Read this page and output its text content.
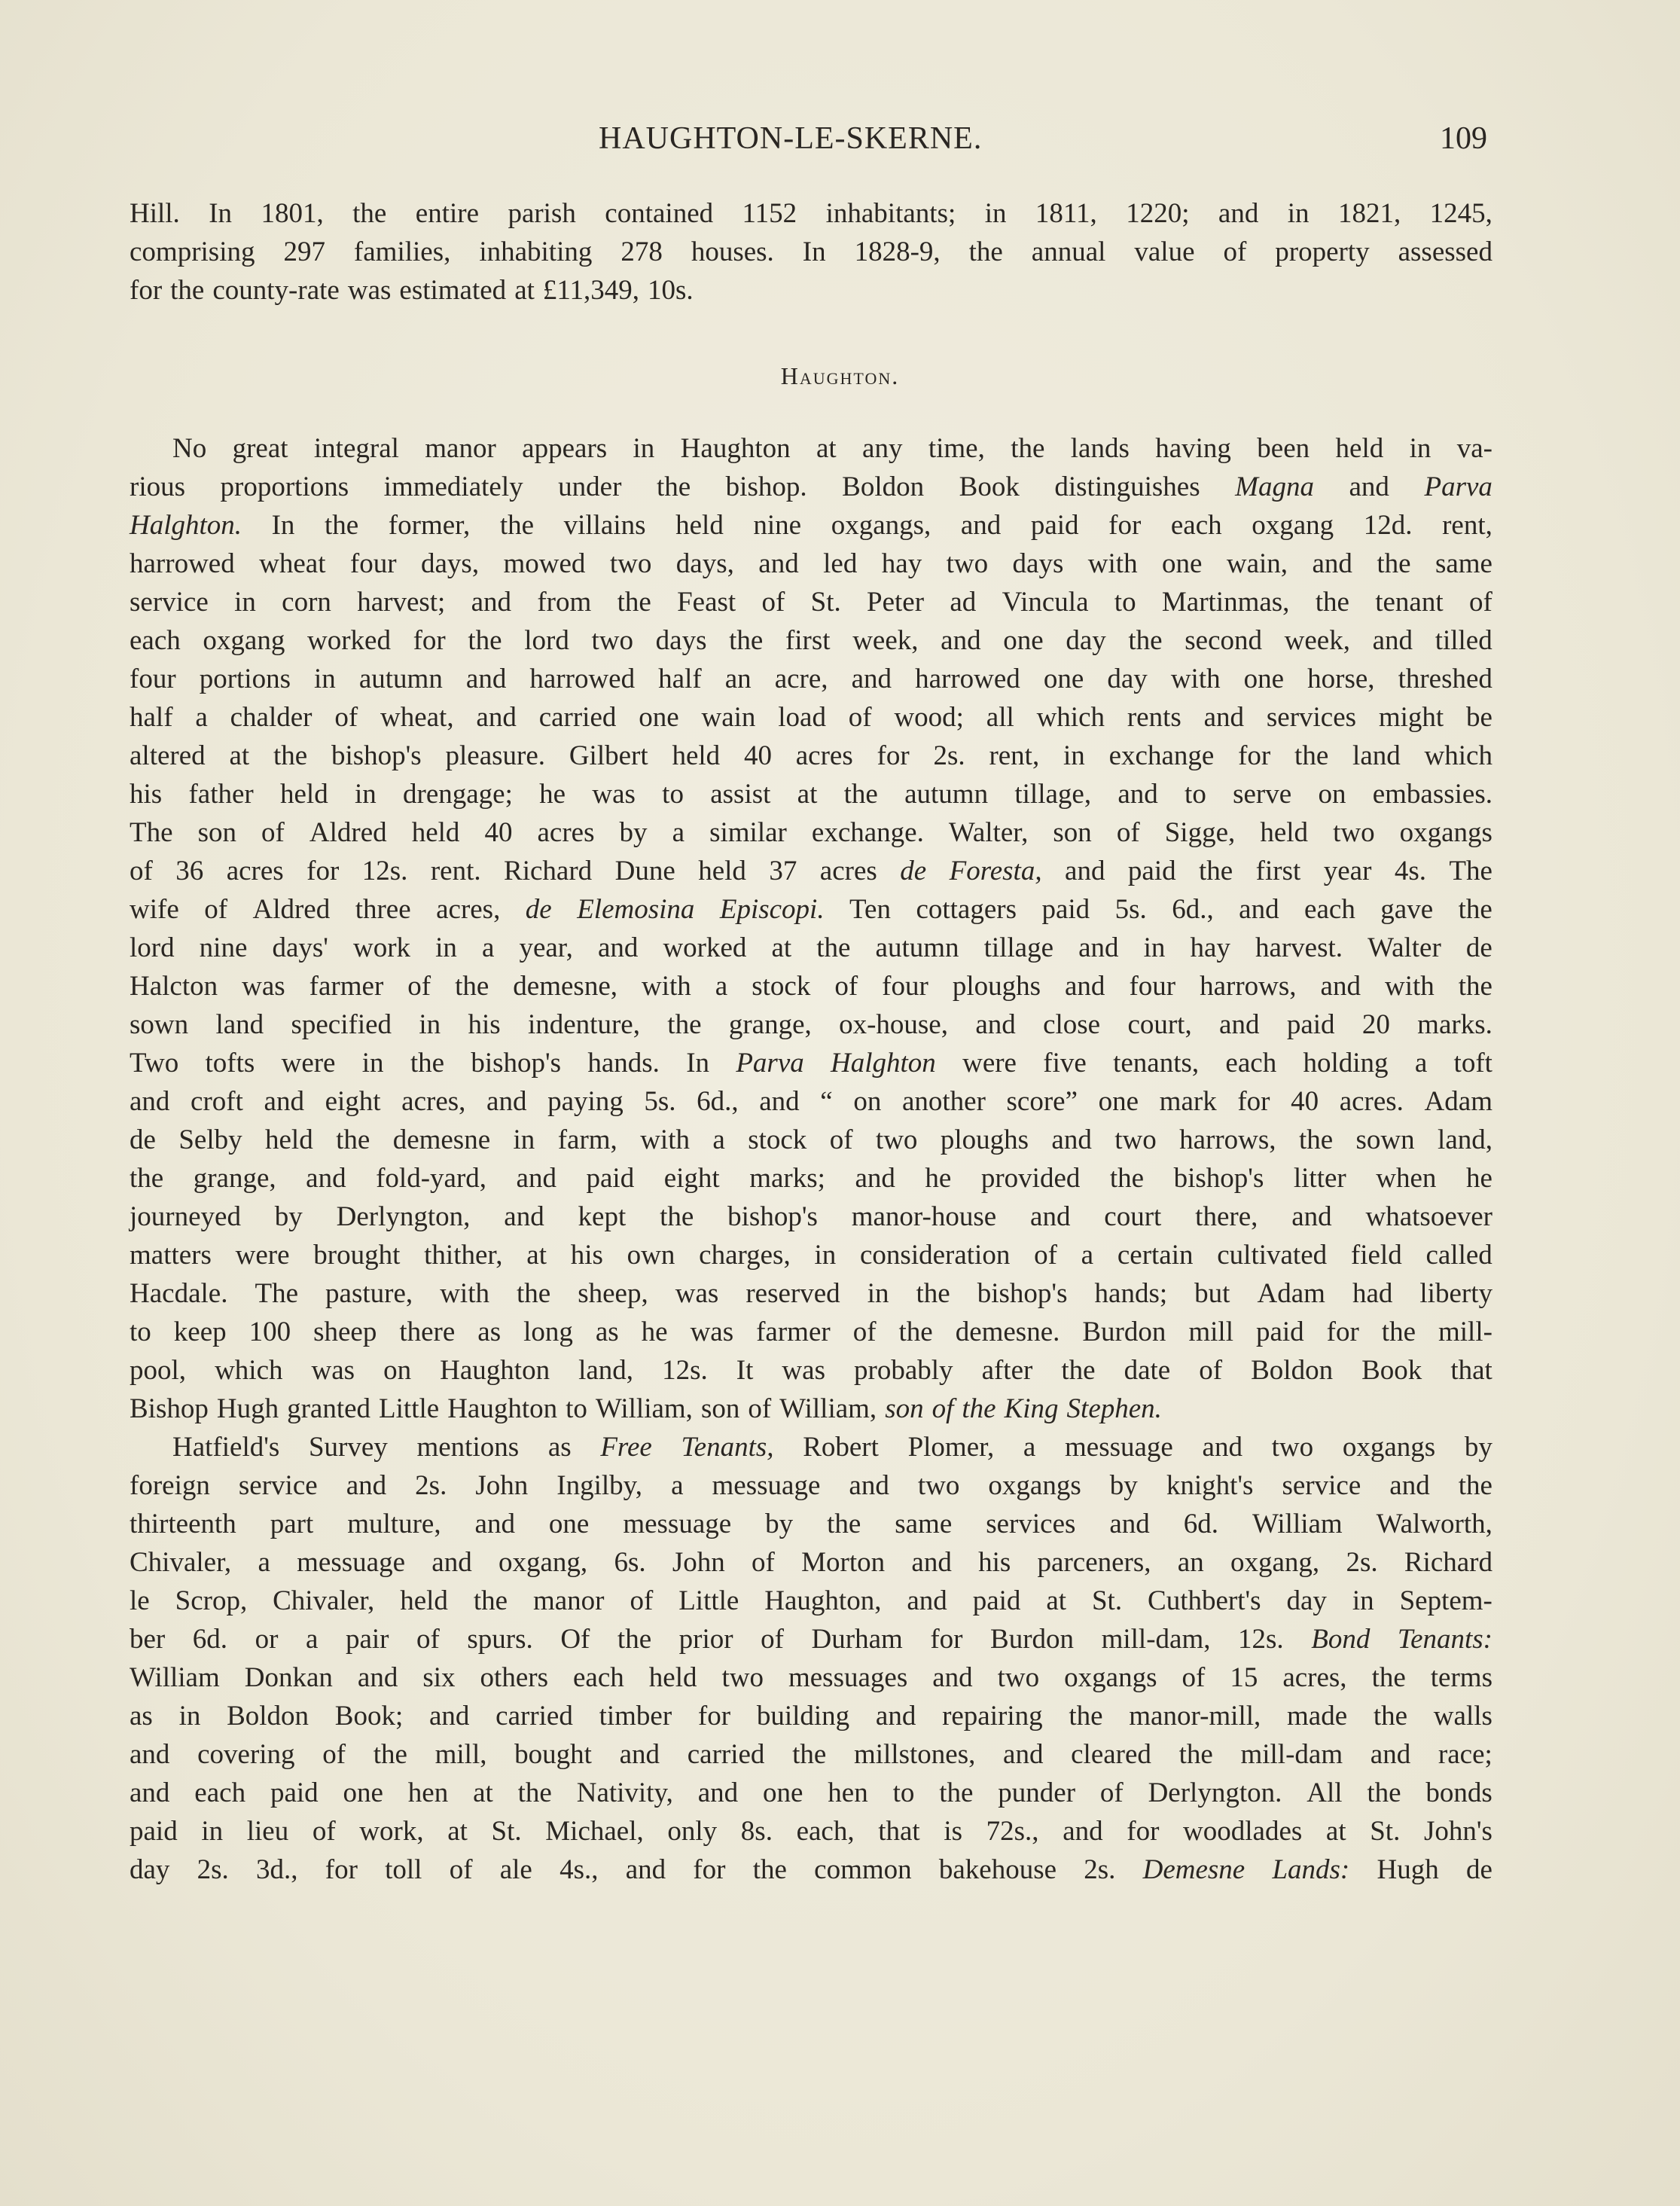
HAUGHTON-LE-SKERNE.	109
Hill. In 1801, the entire parish contained 1152 inhabitants; in 1811, 1220; and in 1821, 1245,
comprising 297 families, inhabiting 278 houses. In 1828-9, the annual value of property assessed
for the county-rate was estimated at £11,349, 10s.
Haughton.
No great integral manor appears in Haughton at any time, the lands having been held in va-
rious proportions immediately under the bishop. Boldon Book distinguishes Magna and Parva
Halghton. In the former, the villains held nine oxgangs, and paid for each oxgang 12d. rent,
harrowed wheat four days, mowed two days, and led hay two days with one wain, and the same
service in corn harvest; and from the Feast of St. Peter ad Vincula to Martinmas, the tenant of
each oxgang worked for the lord two days the first week, and one day the second week, and tilled
four portions in autumn and harrowed half an acre, and harrowed one day with one horse, threshed
half a chalder of wheat, and carried one wain load of wood; all which rents and services might be
altered at the bishop's pleasure. Gilbert held 40 acres for 2s. rent, in exchange for the land which
his father held in drengage; he was to assist at the autumn tillage, and to serve on embassies.
The son of Aldred held 40 acres by a similar exchange. Walter, son of Sigge, held two oxgangs
of 36 acres for 12s. rent. Richard Dune held 37 acres de Foresta, and paid the first year 4s. The
wife of Aldred three acres, de Elemosina Episcopi. Ten cottagers paid 5s. 6d., and each gave the
lord nine days' work in a year, and worked at the autumn tillage and in hay harvest. Walter de
Halcton was farmer of the demesne, with a stock of four ploughs and four harrows, and with the
sown land specified in his indenture, the grange, ox-house, and close court, and paid 20 marks.
Two tofts were in the bishop's hands. In Parva Halghton were five tenants, each holding a toft
and croft and eight acres, and paying 5s. 6d., and “ on another score” one mark for 40 acres. Adam
de Selby held the demesne in farm, with a stock of two ploughs and two harrows, the sown land,
the grange, and fold-yard, and paid eight marks; and he provided the bishop's litter when he
journeyed by Derlyngton, and kept the bishop's manor-house and court there, and whatsoever
matters were brought thither, at his own charges, in consideration of a certain cultivated field called
Hacdale. The pasture, with the sheep, was reserved in the bishop's hands; but Adam had liberty
to keep 100 sheep there as long as he was farmer of the demesne. Burdon mill paid for the mill-
pool, which was on Haughton land, 12s. It was probably after the date of Boldon Book that
Bishop Hugh granted Little Haughton to William, son of William, son of the King Stephen.
Hatfield's Survey mentions as Free Tenants, Robert Plomer, a messuage and two oxgangs by
foreign service and 2s. John Ingilby, a messuage and two oxgangs by knight's service and the
thirteenth part multure, and one messuage by the same services and 6d. William Walworth,
Chivaler, a messuage and oxgang, 6s. John of Morton and his parceners, an oxgang, 2s. Richard
le Scrop, Chivaler, held the manor of Little Haughton, and paid at St. Cuthbert's day in Septem-
ber 6d. or a pair of spurs. Of the prior of Durham for Burdon mill-dam, 12s. Bond Tenants:
William Donkan and six others each held two messuages and two oxgangs of 15 acres, the terms
as in Boldon Book; and carried timber for building and repairing the manor-mill, made the walls
and covering of the mill, bought and carried the millstones, and cleared the mill-dam and race;
and each paid one hen at the Nativity, and one hen to the punder of Derlyngton. All the bonds
paid in lieu of work, at St. Michael, only 8s. each, that is 72s., and for woodlades at St. John's
day 2s. 3d., for toll of ale 4s., and for the common bakehouse 2s. Demesne Lands: Hugh de
